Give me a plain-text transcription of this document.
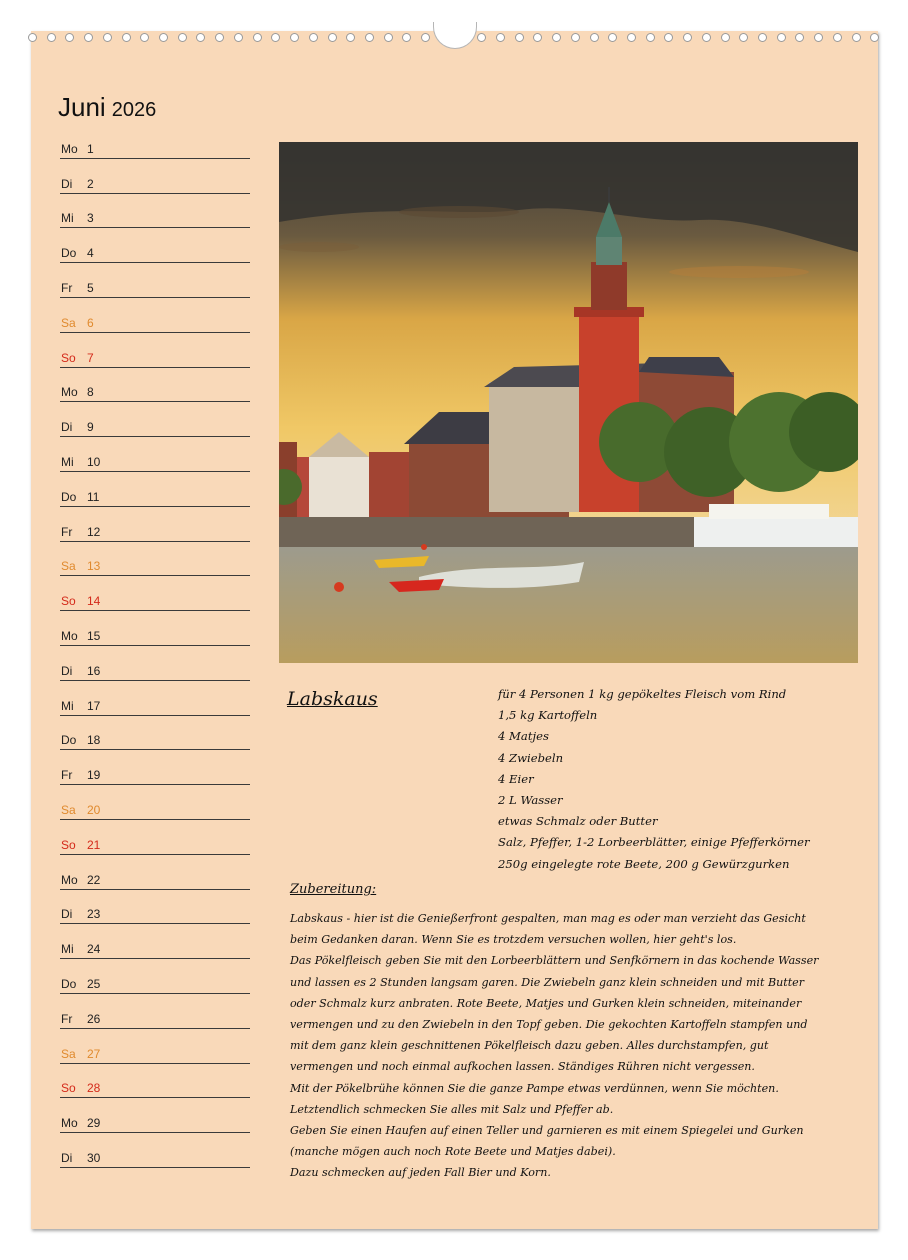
Juni 2026
Mo 1
Di 2
Mi 3
Do 4
Fr 5
Sa 6
So 7
Mo 8
Di 9
Mi 10
Do 11
Fr 12
Sa 13
So 14
Mo 15
Di 16
Mi 17
Do 18
Fr 19
Sa 20
So 21
Mo 22
Di 23
Mi 24
Do 25
Fr 26
Sa 27
So 28
Mo 29
Di 30
Labskaus	für 4 Personen 1 kg gepökeltes Fleisch vom Rind
1,5 kg Kartoffeln
4 Matjes
4 Zwiebeln
4 Eier
2 L Wasser
etwas Schmalz oder Butter
Salz, Pfeffer, 1-2 Lorbeerblätter, einige Pfefferkörner
250g eingelegte rote Beete, 200 g Gewürzgurken
Zubereitung:
Labskaus - hier ist die Genießerfront gespalten, man mag es oder man verzieht das Gesicht
beim Gedanken daran. Wenn Sie es trotzdem versuchen wollen, hier geht's los.
Das Pökelfleisch geben Sie mit den Lorbeerblättern und Senfkörnern in das kochende Wasser
und lassen es 2 Stunden langsam garen. Die Zwiebeln ganz klein schneiden und mit Butter
oder Schmalz kurz anbraten. Rote Beete, Matjes und Gurken klein schneiden, miteinander
vermengen und zu den Zwiebeln in den Topf geben. Die gekochten Kartoffeln stampfen und
mit dem ganz klein geschnittenen Pökelfleisch dazu geben. Alles durchstampfen, gut
vermengen und noch einmal aufkochen lassen. Ständiges Rühren nicht vergessen.
Mit der Pökelbrühe können Sie die ganze Pampe etwas verdünnen, wenn Sie möchten.
Letztendlich schmecken Sie alles mit Salz und Pfeffer ab.
Geben Sie einen Haufen auf einen Teller und garnieren es mit einem Spiegelei und Gurken
(manche mögen auch noch Rote Beete und Matjes dabei).
Dazu schmecken auf jeden Fall Bier und Korn.
